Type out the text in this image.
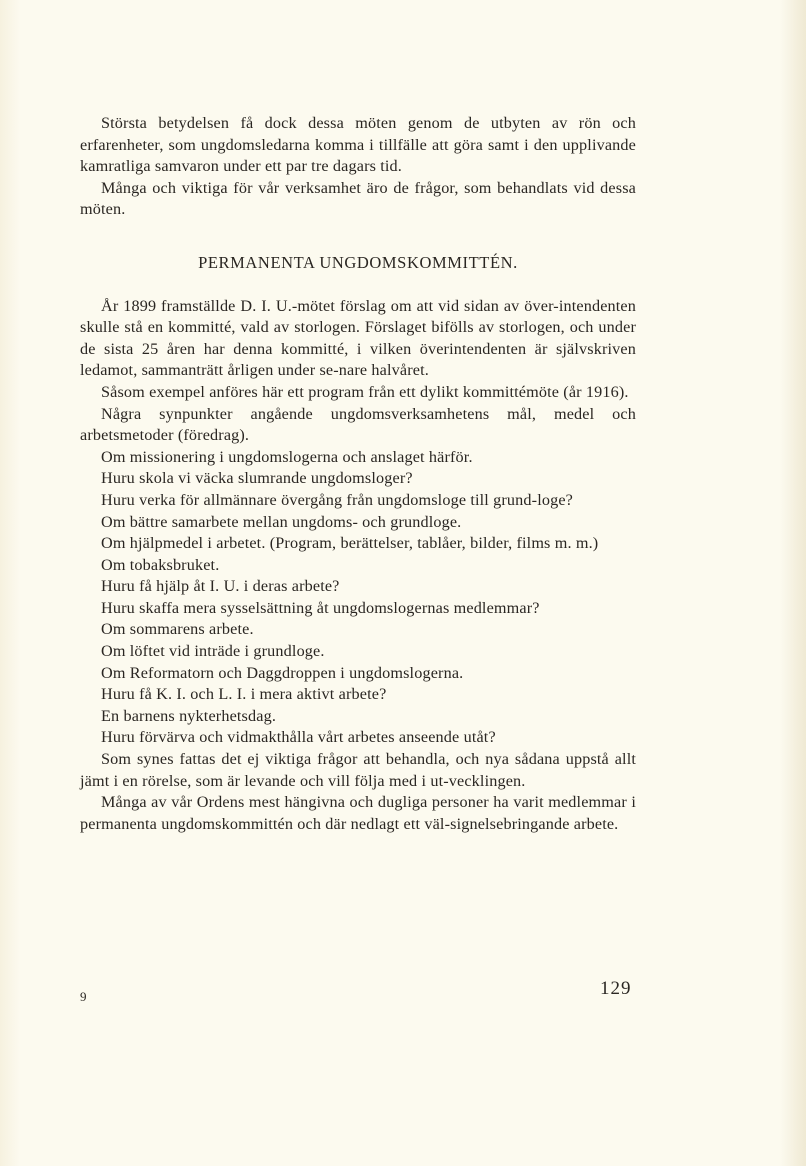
Största betydelsen få dock dessa möten genom de utbyten av rön och erfarenheter, som ungdomsledarna komma i tillfälle att göra samt i den upplivande kamratliga samvaron under ett par tre dagars tid.

Många och viktiga för vår verksamhet äro de frågor, som behandlats vid dessa möten.

PERMANENTA UNGDOMSKOMMITTÉN.

År 1899 framställde D. I. U.-mötet förslag om att vid sidan av över-intendenten skulle stå en kommitté, vald av storlogen. Förslaget bifölls av storlogen, och under de sista 25 åren har denna kommitté, i vilken överintendenten är självskriven ledamot, sammanträtt årligen under se-nare halvåret.

Såsom exempel anföres här ett program från ett dylikt kommittémöte (år 1916).

Några synpunkter angående ungdomsverksamhetens mål, medel och arbetsmetoder (föredrag).

Om missionering i ungdomslogerna och anslaget härför.

Huru skola vi väcka slumrande ungdomsloger?

Huru verka för allmännare övergång från ungdomsloge till grund-loge?

Om bättre samarbete mellan ungdoms- och grundloge.

Om hjälpmedel i arbetet. (Program, berättelser, tablåer, bilder, films m. m.)

Om tobaksbruket.

Huru få hjälp åt I. U. i deras arbete?

Huru skaffa mera sysselsättning åt ungdomslogernas medlemmar?

Om sommarens arbete.

Om löftet vid inträde i grundloge.

Om Reformatorn och Daggdroppen i ungdomslogerna.

Huru få K. I. och L. I. i mera aktivt arbete?

En barnens nykterhetsdag.

Huru förvärva och vidmakthålla vårt arbetes anseende utåt?

Som synes fattas det ej viktiga frågor att behandla, och nya sådana uppstå allt jämt i en rörelse, som är levande och vill följa med i ut-vecklingen.

Många av vår Ordens mest hängivna och dugliga personer ha varit medlemmar i permanenta ungdomskommittén och där nedlagt ett väl-signelsebringande arbete.

9	129
